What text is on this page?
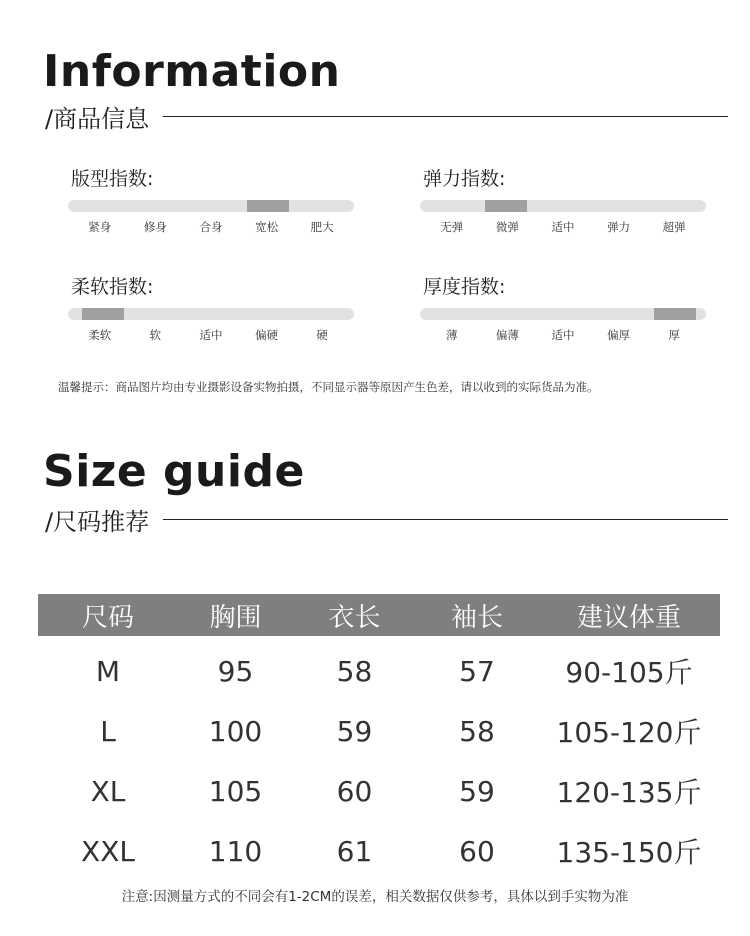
Information
/商品信息
版型指数:
紧身	修身	合身	宽松	肥大
弹力指数:
无弹	微弹	适中	弹力	超弹
柔软指数:
柔软	软	适中	偏硬	硬
厚度指数:
薄	偏薄	适中	偏厚	厚
温馨提示：商品图片均由专业摄影设备实物拍摄，不同显示器等原因产生色差，请以收到的实际货品为准。
Size guide
/尺码推荐
尺码	胸围	衣长	袖长	建议体重
M	95	58	57	90-105斤
L	100	59	58	105-120斤
XL	105	60	59	120-135斤
XXL	110	61	60	135-150斤
注意:因测量方式的不同会有1-2CM的误差，相关数据仅供参考，具体以到手实物为准
